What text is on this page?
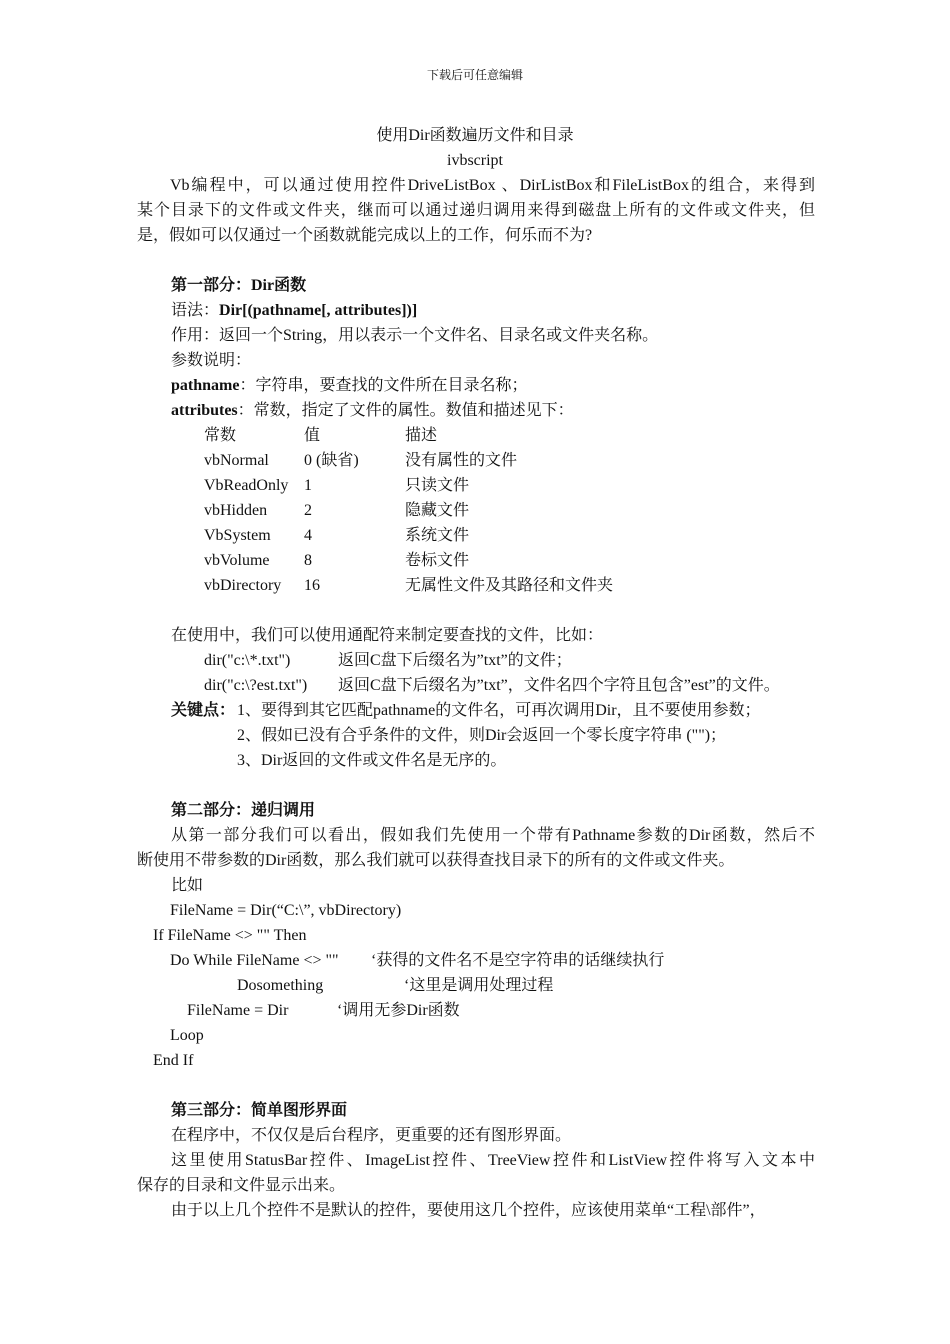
下载后可任意编辑
使用Dir函数遍历文件和目录
ivbscript
Vb编程中，可以通过使用控件DriveListBox 、DirListBox和FileListBox的组合，来得到
某个目录下的文件或文件夹，继而可以通过递归调用来得到磁盘上所有的文件或文件夹，但
是，假如可以仅通过一个函数就能完成以上的工作，何乐而不为?
第一部分：Dir函数
语法：Dir[(pathname[, attributes])]
作用：返回一个String，用以表示一个文件名、目录名或文件夹名称。
参数说明：
pathname：字符串，要查找的文件所在目录名称；
attributes：常数，指定了文件的属性。数值和描述见下：
常数	值	描述
vbNormal 0 (缺省)	没有属性的文件
VbReadOnly 1	只读文件
vbHidden 2	隐藏文件
VbSystem 4	系统文件
vbVolume 8	卷标文件
vbDirectory 16	无属性文件及其路径和文件夹
在使用中，我们可以使用通配符来制定要查找的文件，比如：
dir("c:\*.txt")	返回C盘下后缀名为”txt”的文件；
dir("c:\?est.txt") 返回C盘下后缀名为”txt”，文件名四个字符且包含”est”的文件。
关键点： 1、要得到其它匹配pathname的文件名，可再次调用Dir，且不要使用参数；
2、假如已没有合乎条件的文件，则Dir会返回一个零长度字符串 ("")；
3、Dir返回的文件或文件名是无序的。
第二部分：递归调用
从第一部分我们可以看出，假如我们先使用一个带有Pathname参数的Dir函数，然后不
断使用不带参数的Dir函数，那么我们就可以获得查找目录下的所有的文件或文件夹。
比如
FileName = Dir(“C:\”, vbDirectory)
If FileName <> "" Then
Do While FileName <> "" ‘获得的文件名不是空字符串的话继续执行
Dosomething	‘这里是调用处理过程
FileName = Dir	‘调用无参Dir函数
Loop
End If
第三部分：简单图形界面
在程序中，不仅仅是后台程序，更重要的还有图形界面。
这里使用StatusBar控件、ImageList控件、TreeView控件和ListView控件将写入文本中
保存的目录和文件显示出来。
由于以上几个控件不是默认的控件，要使用这几个控件，应该使用菜单“工程\部件”，
